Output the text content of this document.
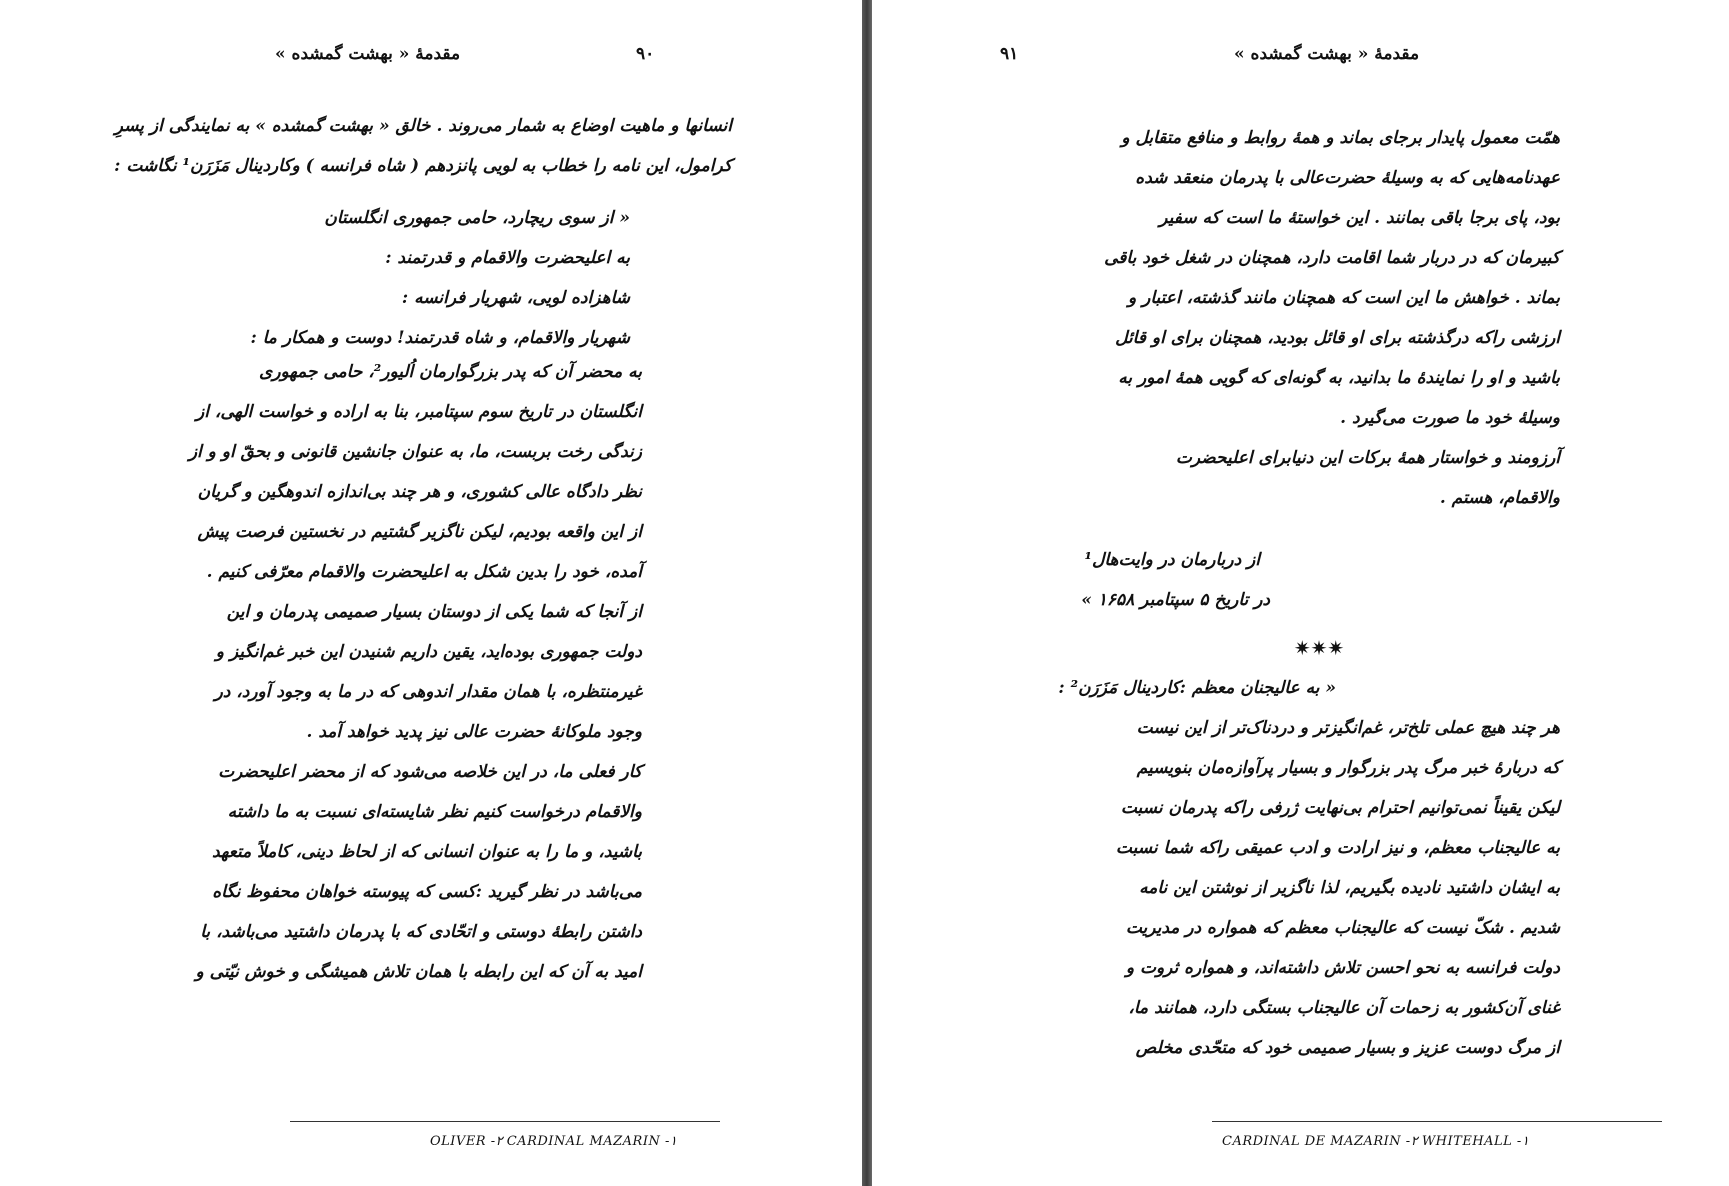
مقدمهٔ « بهشت گمشده »	۹۰
انسانها و ماهیت اوضاع به شمار می‌روند . خالق « بهشت گمشده » به نمایندگی از پسرِ
کرامول، این نامه را خطاب به لویی پانزدهم ( شاه فرانسه ) وکاردینال مَزَرَن¹ نگاشت :
« از سوی ریچارد، حامی جمهوری انگلستان
به اعلیحضرت والاقمام و قدرتمند :
شاهزاده لویی، شهریار فرانسه :
شهریار والاقمام، و شاه قدرتمند! دوست و همکار ما :
به محضر آن که پدر بزرگوارمان اُلیور²، حامی جمهوری
انگلستان در تاریخ سوم سپتامبر، بنا به اراده و خواست الهی، از
زندگی رخت بربست، ما، به عنوان جانشین قانونی و بحقّ او و از
نظر دادگاه عالی کشوری، و هر چند بی‌اندازه اندوهگین و گریان
از این واقعه بودیم، لیکن ناگزیر گشتیم در نخستین فرصت پیش
آمده، خود را بدین شکل به اعلیحضرت والاقمام معرّفی کنیم .
از آنجا که شما یکی از دوستان بسیار صمیمی پدرمان و این
دولت جمهوری بوده‌اید، یقین داریم شنیدن این خبر غم‌انگیز و
غیرمنتظره، با همان مقدار اندوهی که در ما به وجود آورد، در
وجود ملوکانهٔ حضرت عالی نیز پدید خواهد آمد .
کار فعلی ما، در این خلاصه می‌شود که از محضر اعلیحضرت
والاقمام درخواست کنیم نظر شایسته‌ای نسبت به ما داشته
باشید، و ما را به عنوان انسانی که از لحاظ دینی، کاملاً متعهد
می‌باشد در نظر گیرید :کسی که پیوسته خواهان محفوظ نگاه
داشتن رابطهٔ دوستی و اتحّادی که با پدرمان داشتید می‌باشد، با
امید به آن که این رابطه با همان تلاش همیشگی و خوش نیّتی و
OLIVER -۲ CARDINAL MAZARIN -۱
۹۱	مقدمهٔ « بهشت گمشده »
همّت معمول پایدار برجای بماند و همهٔ روابط و منافع متقابل و
عهدنامه‌هایی که به وسیلهٔ حضرت‌عالی با پدرمان منعقد شده
بود، پای برجا باقی بمانند . این خواستهٔ ما است که سفیر
کبیرمان که در دربار شما اقامت دارد، همچنان در شغل خود باقی
بماند . خواهش ما این است که همچنان مانند گذشته، اعتبار و
ارزشی راکه درگذشته برای او قائل بودید، همچنان برای او قائل
باشید و او را نمایندهٔ ما بدانید، به گونه‌ای که گویی همهٔ امور به
وسیلهٔ خود ما صورت می‌گیرد .
آرزومند و خواستار همهٔ برکات این دنیابرای اعلیحضرت
والاقمام، هستم .
از دربارمان در وایت‌هال¹
در تاریخ ۵ سپتامبر ۱۶۵۸ »
✷✷✷
« به عالیجنان معظم :کاردینال مَزَرَن² :
هر چند هیچ عملی تلخ‌تر، غم‌انگیزتر و دردناک‌تر از این نیست
که دربارهٔ خبر مرگ پدر بزرگوار و بسیار پرآوازه‌مان بنویسیم
لیکن یقیناً نمی‌توانیم احترام بی‌نهایت ژرفی راکه پدرمان نسبت
به عالیجناب معظم، و نیز ارادت و ادب عمیقی راکه شما نسبت
به ایشان داشتید نادیده بگیریم، لذا ناگزیر از نوشتن این نامه
شدیم . شکّ نیست که عالیجناب معظم که همواره در مدیریت
دولت فرانسه به نحو احسن تلاش داشته‌اند، و همواره ثروت و
غنای آن‌کشور به زحمات آن عالیجناب بستگی دارد، همانند ما،
از مرگ دوست عزیز و بسیار صمیمی خود که متحّدی مخلص
CARDINAL DE MAZARIN -۲ WHITEHALL -۱
